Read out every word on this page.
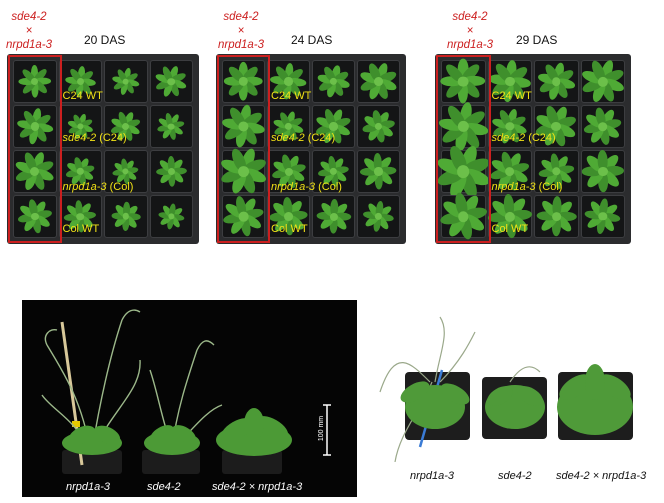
sde4-2
×
nrpd1a-3	20 DAS
C24 WT
sde4-2 (C24)
nrpd1a-3 (Col)
Col WT
sde4-2
×
nrpd1a-3 24 DAS
C24 WT
sde4-2 (C24)
nrpd1a-3 (Col)
Col WT
sde4-2
×
nrpd1a-3	29 DAS
C24 WT
sde4-2 (C24)
nrpd1a-3 (Col)
Col WT
100 mm
nrpd1a-3	sde4-2	sde4-2 × nrpd1a-3
nrpd1a-3	sde4-2 sde4-2 × nrpd1a-3
